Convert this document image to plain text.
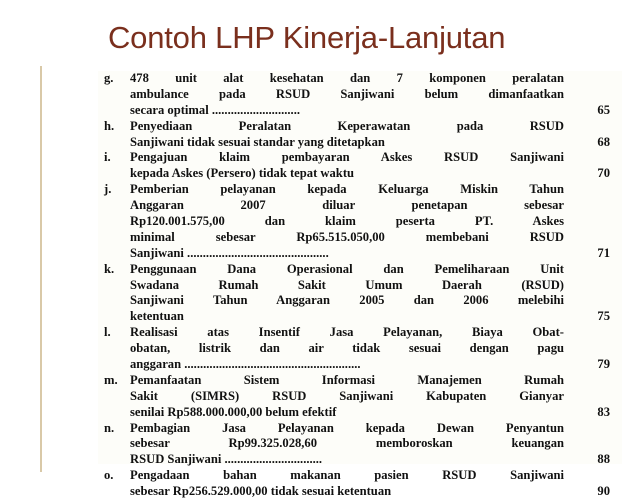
Contoh LHP Kinerja-Lanjutan
g. 478 unit alat kesehatan dan 7 komponen peralatan
ambulance pada RSUD Sanjiwani belum dimanfaatkan
secara optimal ............................	65
h. Penyediaan Peralatan Keperawatan pada RSUD
Sanjiwani tidak sesuai standar yang ditetapkan	68
i. Pengajuan klaim pembayaran Askes RSUD Sanjiwani
kepada Askes (Persero) tidak tepat waktu	70
j. Pemberian pelayanan kepada Keluarga Miskin Tahun
Anggaran 2007 diluar penetapan sebesar
Rp120.001.575,00 dan klaim peserta PT. Askes
minimal sebesar Rp65.515.050,00 membebani RSUD
Sanjiwani .............................................	71
k. Penggunaan Dana Operasional dan Pemeliharaan Unit
Swadana Rumah Sakit Umum Daerah (RSUD)
Sanjiwani Tahun Anggaran 2005 dan 2006 melebihi
ketentuan	75
l. Realisasi atas Insentif Jasa Pelayanan, Biaya Obat-
obatan, listrik dan air tidak sesuai dengan pagu
anggaran ........................................................	79
m. Pemanfaatan Sistem Informasi Manajemen Rumah
Sakit (SIMRS) RSUD Sanjiwani Kabupaten Gianyar
senilai Rp588.000.000,00 belum efektif	83
n. Pembagian Jasa Pelayanan kepada Dewan Penyantun
sebesar Rp99.325.028,60 memboroskan keuangan
RSUD Sanjiwani ...............................	88
o. Pengadaan bahan makanan pasien RSUD Sanjiwani
sebesar Rp256.529.000,00 tidak sesuai ketentuan	90
